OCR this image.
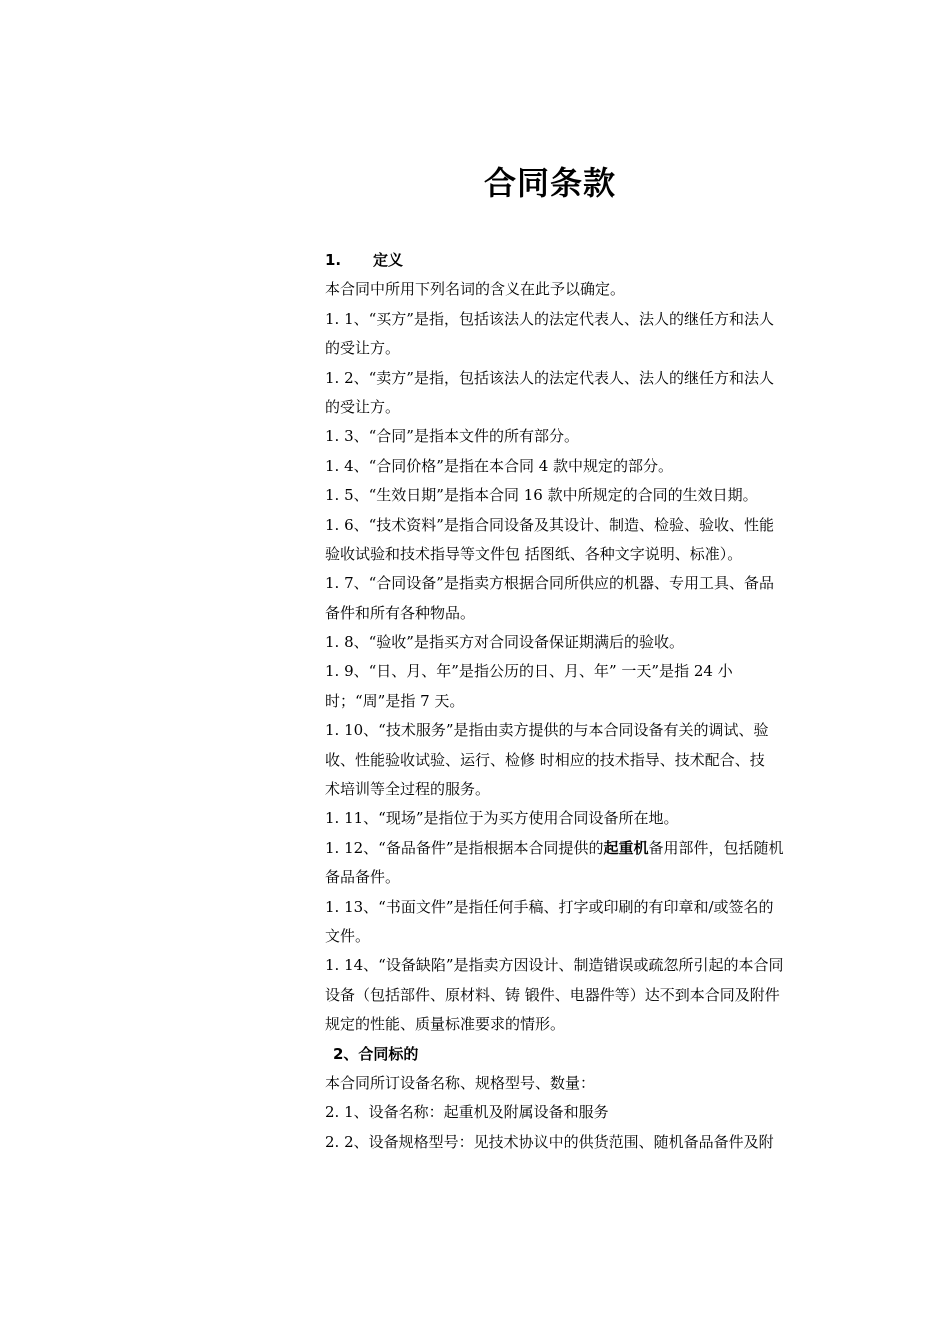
合同条款
1. 定义
本合同中所用下列名词的含义在此予以确定。
1. 1、“买方”是指，包括该法人的法定代表人、法人的继任方和法人
的受让方。
1. 2、“卖方”是指，包括该法人的法定代表人、法人的继任方和法人
的受让方。
1. 3、“合同”是指本文件的所有部分。
1. 4、“合同价格”是指在本合同 4 款中规定的部分。
1. 5、“生效日期”是指本合同 16 款中所规定的合同的生效日期。
1. 6、“技术资料”是指合同设备及其设计、制造、检验、验收、性能
验收试验和技术指导等文件包 括图纸、各种文字说明、标准）。
1. 7、“合同设备”是指卖方根据合同所供应的机器、专用工具、备品
备件和所有各种物品。
1. 8、“验收”是指买方对合同设备保证期满后的验收。
1. 9、“日、月、年”是指公历的日、月、年” 一天”是指 24 小
时；“周”是指 7 天。
1. 10、“技术服务”是指由卖方提供的与本合同设备有关的调试、验
收、性能验收试验、运行、检修 时相应的技术指导、技术配合、技
术培训等全过程的服务。
1. 11、“现场”是指位于为买方使用合同设备所在地。
1. 12、“备品备件”是指根据本合同提供的起重机备用部件，包括随机
备品备件。
1. 13、“书面文件”是指任何手稿、打字或印刷的有印章和/或签名的
文件。
1. 14、“设备缺陷”是指卖方因设计、制造错误或疏忽所引起的本合同
设备（包括部件、原材料、铸 锻件、电器件等）达不到本合同及附件
规定的性能、质量标准要求的情形。
2、合同标的
本合同所订设备名称、规格型号、数量：
2. 1、设备名称：起重机及附属设备和服务
2. 2、设备规格型号：见技术协议中的供货范围、随机备品备件及附
